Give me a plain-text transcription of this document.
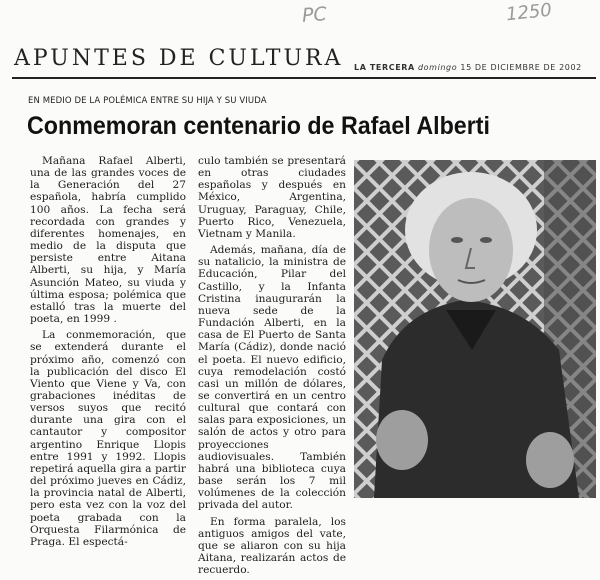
PC	1250
APUNTES DE CULTURA LA TERCERA domingo 15 DE DICIEMBRE DE 2002
EN MEDIO DE LA POLÉMICA ENTRE SU HIJA Y SU VIUDA
Conmemoran centenario de Rafael Alberti

Mañana Rafael Alberti, una de las grandes voces de la Generación del 27 española, habría cumplido 100 años. La fecha será recordada con grandes y diferentes homenajes, en medio de la disputa que persiste entre Aitana Alberti, su hija, y María Asunción Mateo, su viuda y última esposa; polémica que estalló tras la muerte del poeta, en 1999 .

La conmemoración, que se extenderá durante el próximo año, comenzó con la publicación del disco El Viento que Viene y Va, con grabaciones inéditas de versos suyos que recitó durante una gira con el cantautor y compositor argentino Enrique Llopis entre 1991 y 1992. Llopis repetirá aquella gira a partir del próximo jueves en Cádiz, la provincia natal de Alberti, pero esta vez con la voz del poeta grabada con la Orquesta Filarmónica de Praga. El espectá-

culo también se presentará en otras ciudades españolas y después en México, Argentina, Uruguay, Paraguay, Chile, Puerto Rico, Venezuela, Vietnam y Manila.

Además, mañana, día de su natalicio, la ministra de Educación, Pilar del Castillo, y la Infanta Cristina inaugurarán la nueva sede de la Fundación Alberti, en la casa de El Puerto de Santa María (Cádiz), donde nació el poeta. El nuevo edificio, cuya remodelación costó casi un millón de dólares, se convertirá en un centro cultural que contará con salas para exposiciones, un salón de actos y otro para proyecciones audiovisuales. También habrá una biblioteca cuya base serán los 7 mil volúmenes de la colección privada del autor.

En forma paralela, los antiguos amigos del vate, que se aliaron con su hija Aitana, realizarán actos de recuerdo.
